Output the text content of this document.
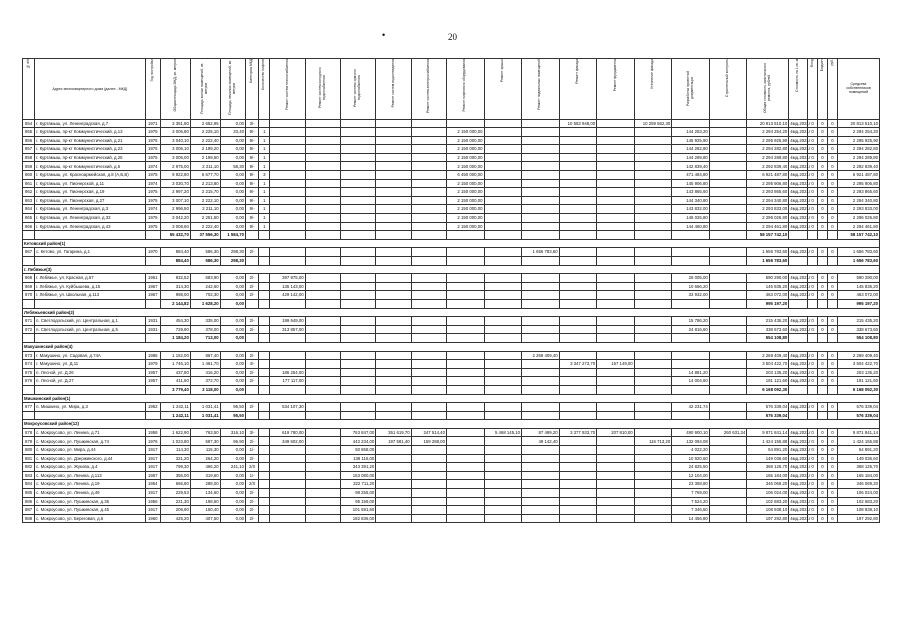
•	20
№ п/п	Адрес многоквартирного дома (далее - МКД)	Год постройки	Общая площадь МКД, кв. метров	Площадь жилых помещений, кв. метров	Площадь нежилых помещений, кв. метров	Категория МКД	Количество лифтов	Ремонт систем теплоснабжения	Ремонт систем холодного водоснабжения	Ремонт систем горячего водоснабжения	Ремонт систем водоотведения	Ремонт систем электроснабжения	Ремонт лифтового оборудования	Ремонт крыши	Ремонт подвальных помещений	Ремонт фасада	Ремонт фундамента	Утепление фасада	Разработка проектной документации	Строительный контроль	Общая стоимость капитального ремонта, рублей	Стоимость на 1 кв. м	Фонд	Бюджет	руб.	Средства собственников помещений
854	г. Куртамыш, ул. Ленинградская, д.7	1971	3 351,80	2 652,95	0,00	3/-										10 553 948,00		10 259 562,30			20 813 510,10	4мд.2021г	0	0	0	20 813 510,10
855	г. Куртамыш, пр-кт Коммунистический, д.13	1975	3 006,80	2 225,10	33,40	9/-	1						2 150 000,00						144 253,20		2 294 254,20	4мд.2021г	0	0	0	2 294 254,20
856	г. Куртамыш, пр-кт Коммунистический, д.21	1975	3 040,10	2 222,40	0,00	9/-	1						2 150 000,00						145 925,90		2 295 925,90	4мд.2021г	0	0	0	2 295 925,90
857	г. Куртамыш, пр-кт Коммунистический, д.23	1975	3 006,10	2 199,20	0,00	9/-	1						2 150 000,00						144 282,80		2 294 282,80	4мд.2021г	0	0	0	2 294 282,80
858	г. Куртамыш, пр-кт Коммунистический, д.25	1975	3 006,00	2 199,50	0,00	9/-	1						2 150 000,00						144 289,80		2 294 289,80	4мд.2021г	0	0	0	2 294 289,80
859	г. Куртамыш, пр-кт Коммунистический, д.5	1974	2 975,00	2 211,10	58,30	9/-	1						2 150 000,00						142 839,40		2 292 839,40	4мд.2021г	0	0	0	2 292 839,40
860	г. Куртамыш, ул. Красноармейская, д.8 (А,Б,В)	1975	9 822,80	6 677,70	0,00	9/-	3						6 450 000,00						471 484,80		6 921 487,80	4мд.2021г	0	0	0	6 921 487,80
861	г. Куртамыш, ул. Пионерской, д.11	1974	3 030,70	2 213,80	0,00	9/-	1						2 150 000,00						145 906,80		2 295 906,80	4мд.2021г	0	0	0	2 295 906,80
862	г. Куртамыш, ул. Пионерская, д.19	1975	2 997,20	2 215,70	0,00	9/-	1						2 150 000,00						143 865,60		2 293 865,60	4мд.2021г	0	0	0	2 293 865,60
863	г. Куртамыш, ул. Пионерская, д.27	1975	3 007,10	2 222,10	0,00	9/-	1						2 150 000,00						144 340,80		2 294 340,80	4мд.2021г	0	0	0	2 294 340,80
864	г. Куртамыш, ул. Ленинградская, д.3	1974	2 996,50	2 211,10	0,00	9/-	1						2 150 000,00						143 832,00		2 293 833,00	4мд.2021г	0	0	0	2 293 833,00
865	г. Куртамыш, ул. Ленинградская, д.33	1975	3 042,20	2 251,50	0,00	9/-	1						2 150 000,00						146 026,80		2 296 026,80	4мд.2021г	0	0	0	2 296 026,80
866	г. Куртамыш, ул. Ленинградская, д.43	1975	3 008,60	2 222,40	0,00	9/-	1						2 150 000,00						144 460,80		2 294 461,80	4мд.2021г	0	0	0	2 294 461,80
			55 432,70	37 556,30	1 584,70																58 157 742,10					58 157 742,10
Кетовский район(1)																										
867	с. Кетово, ул. Гагарина, д.1	1970	884,40	586,30	298,30	2/-									1 656 783,60						1 656 783,60	4мд.2021г	0	0	0	1 656 783,60
			884,40	586,30	298,30																1 656 783,60					1 656 783,60
г. Лебяжье(3)																										
868	г. Лебяжье, ул. Красная, д.67	1961	832,52	683,90	0,00	2/-		397 975,00											26 005,00		590 290,00	4мд.2021г	0	0	0	590 290,00
869	г. Лебяжье, ул. Куйбышева, д.15	1957	314,30	242,60	0,00	2/-		135 143,00											10 666,20		145 835,20	4мд.2021г	0	0	0	145 835,20
870	г. Лебяжье, ул. Школьная, д.113	1957	998,00	702,30	0,00	2/-		429 142,00											33 932,00		463 072,00	4мд.2021г	0	0	0	463 072,00
			2 144,82	1 628,20	0,00																995 197,20					995 197,20
Лебяжьевский район(2)																										
871	п. Светлодольский, ул. Центральная, д.1	1931	454,30	335,00	0,00	2/-		199 649,00											15 786,20		215 435,20	4мд.2021г	0	0	0	215 435,20
872	п. Светлодольский, ул. Центральная, д.5	1931	729,90	378,00	0,00	2/-		313 857,00											24 816,60		338 673,60	4мд.2021г	0	0	0	338 673,60
			1 184,20	713,00	0,00																554 108,80					554 108,80
Макушинский район(4)																										
873	г. Макушино, ул. Садовая, д.74А	1985	1 152,00	867,40	0,00	2/-									2 269 409,40						2 269 409,40	4мд.2021г	0	0	0	2 269 409,40
874	г. Макушино, ул. Д.11	1979	1 746,10	1 461,70	0,00	4/-										3 347 273,70	157 149,00				3 504 422,70	4мд.2021г	0	0	0	3 504 422,70
875	п. Лесной, ул. Д.26	1957	437,80	416,20	0,00	2/-		186 254,00											14 881,20		203 135,20	4мд.2021г	0	0	0	203 135,20
876	п. Лесной, ул. Д.27	1957	411,60	372,70	0,00	2/-		177 117,00											14 004,60		191 121,60	4мд.2021г	0	0	0	191 121,60
			3 779,40	3 118,00	0,00																6 168 092,30					6 168 092,30
Мишкинский район(1)																										
877	п. Мишкино, ул. Мира, д.3	1962	1 242,11	1 031,41	95,50	2/-		534 107,30											42 231,74		576 339,04	4мд.2021г	0	0	0	576 339,04
			1 242,11	1 031,41	95,50																576 339,04					576 339,04
Мокроусовский район(12)																										
878	с. Мокроусово, ул. Ленина, д.71	1958	1 622,90	763,50	316,10	3/-		619 780,00		763 847,00	351 619,70	247 514,40		5 468 145,10	87 499,20	3 377 933,70	207 810,00		490 900,10	260 631,34	9 871 841,14	4мд.2021г	0	0	0	9 871 841,14
879	с. Мокроусово, ул. Пушкинская, д.74	1976	1 023,80	587,30	96,90	2/-		349 602,00		442 234,00	197 581,40	159 288,00			49 142,40			116 713,20	132 094,08		1 424 155,88	4мд.2021г	0	0	0	1 424 155,88
880	с. Мокроусово, ул. Мира, д.44	1917	114,30	115,30	0,00	1/-				50 868,00									4 022,20		54 891,20	4мд.2021г	0	0	0	54 891,20
881	с. Мокроусово, ул. Дзержинского, д.44	1917	321,20	264,20	0,00	2/-				138 116,00									10 920,60		149 036,60	4мд.2021г	0	0	0	149 036,60
882	с. Мокроусово, ул. Жукова, д.4	1917	799,30	466,20	241,10	2/Х				343 391,20									24 825,50		368 126,70	4мд.2021г	0	0	0	368 126,70
883	с. Мокроусово, ул. Ленина, д.113	1967	356,00	319,60	0,00	1/-				153 080,00									12 104,00		165 184,00	4мд.2021г	0	0	0	165 184,00
884	с. Мокроусово, ул. Ленина, д.19	1954	666,80	288,00	0,00	2/Х				322 711,20									23 358,80		346 069,20	4мд.2021г	0	0	0	346 069,20
885	с. Мокроусово, ул. Ленина, д.49	1917	229,53	134,60	0,00	2/-				98 255,00									7 769,00		106 024,00	4мд.2021г	0	0	0	106 024,00
886	с. Мокроусово, ул. Пушкинская, д.35	1956	221,30	198,60	0,00	2/-				95 159,00									7 524,20		102 683,20	4мд.2021г	0	0	0	102 683,20
887	с. Мокроусово, ул. Пушкинская, д.45	1917	209,90	150,40	0,00	2/-				101 591,60									7 346,50		108 938,10	4мд.2021г	0	0	0	108 938,10
888	с. Мокроусово, ул. Береговая, д.6	1960	425,20	407,50	0,00	2/-				182 836,00									14 456,80		197 292,80	4мд.2021г	0	0	0	197 292,80
